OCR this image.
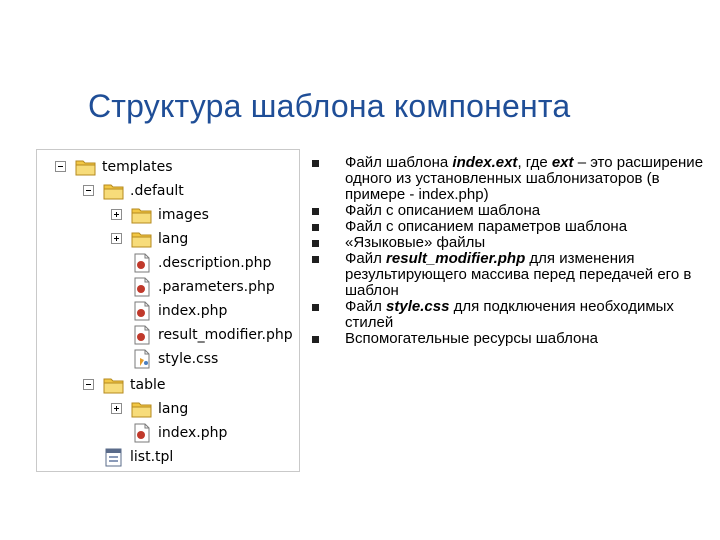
Структура шаблона компонента
templates
.default
images
lang
.description.php
.parameters.php
index.php
result_modifier.php
style.css
table
lang
index.php
list.tpl
Файл шаблона index.ext, где ext – это расширение одного из установленных шаблонизаторов (в примере - index.php)
Файл с описанием шаблона
Файл с описанием параметров шаблона
«Языковые» файлы
Файл result_modifier.php для изменения результирующего массива перед передачей его в шаблон
Файл style.css для подключения необходимых стилей
Вспомогательные ресурсы шаблона
